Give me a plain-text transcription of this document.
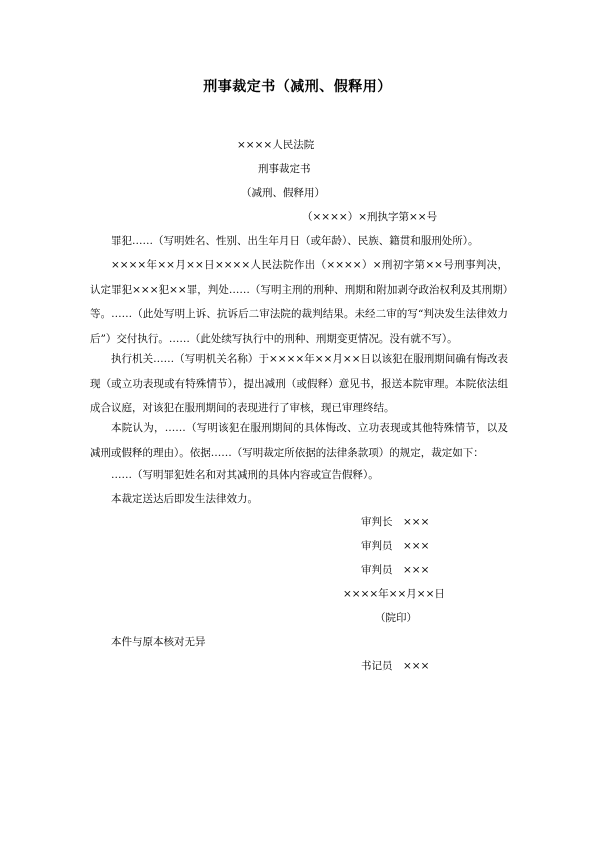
刑事裁定书（减刑、假释用）
××××人民法院
刑事裁定书
（减刑、假释用）
（××××）×刑执字第××号
罪犯……（写明姓名、性别、出生年月日（或年龄）、民族、籍贯和服刑处所）。
××××年××月××日××××人民法院作出（××××）×刑初字第××号刑事判决，认定罪犯×××犯××罪，判处……（写明主刑的刑种、刑期和附加剥夺政治权利及其刑期）等。……（此处写明上诉、抗诉后二审法院的裁判结果。未经二审的写“判决发生法律效力后”）交付执行。……（此处续写执行中的刑种、刑期变更情况。没有就不写）。
执行机关……（写明机关名称）于××××年××月××日以该犯在服刑期间确有悔改表现（或立功表现或有特殊情节），提出减刑（或假释）意见书，报送本院审理。本院依法组成合议庭，对该犯在服刑期间的表现进行了审核，现已审理终结。
本院认为，……（写明该犯在服刑期间的具体悔改、立功表现或其他特殊情节，以及减刑或假释的理由）。依据……（写明裁定所依据的法律条款项）的规定，裁定如下：
……（写明罪犯姓名和对其减刑的具体内容或宣告假释）。
本裁定送达后即发生法律效力。
审判长　×××
审判员　×××
审判员　×××
××××年××月××日
（院印）
本件与原本核对无异
书记员　×××
